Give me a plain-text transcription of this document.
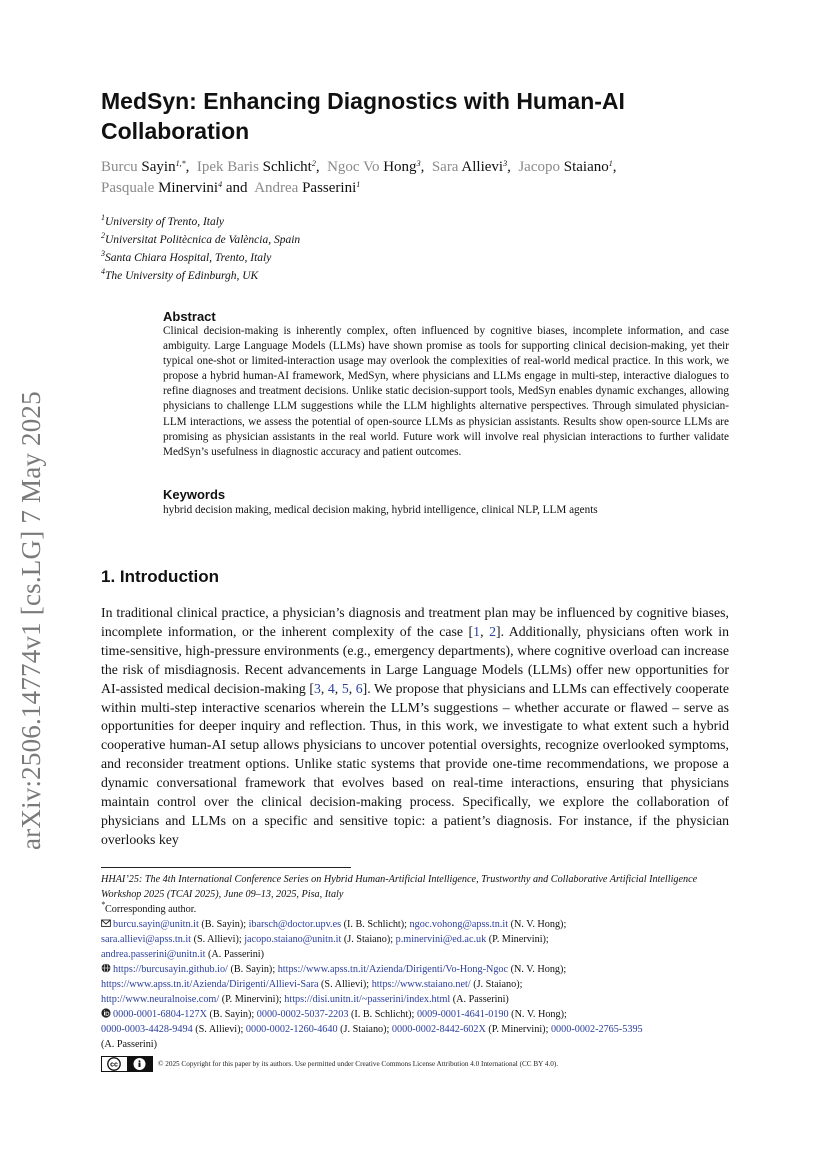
arXiv:2506.14774v1 [cs.LG] 7 May 2025
MedSyn: Enhancing Diagnostics with Human-AI
Collaboration
Burcu Sayin$^{1,*}$, Ipek Baris Schlicht$^2$, Ngoc Vo Hong$^3$, Sara Allievi$^3$, Jacopo Staiano$^1$,
Pasquale Minervini$^4$ and Andrea Passerini$^1$
$^1$University of Trento, Italy
$^2$Universitat Politècnica de València, Spain
$^3$Santa Chiara Hospital, Trento, Italy
$^4$The University of Edinburgh, UK
Abstract
Clinical decision-making is inherently complex, often influenced by cognitive biases, incomplete information, and case ambiguity. Large Language Models (LLMs) have shown promise as tools for supporting clinical decision-making, yet their typical one-shot or limited-interaction usage may overlook the complexities of real-world medical practice. In this work, we propose a hybrid human-AI framework, MedSyn, where physicians and LLMs engage in multi-step, interactive dialogues to refine diagnoses and treatment decisions. Unlike static decision-support tools, MedSyn enables dynamic exchanges, allowing physicians to challenge LLM suggestions while the LLM highlights alternative perspectives. Through simulated physician-LLM interactions, we assess the potential of open-source LLMs as physician assistants. Results show open-source LLMs are promising as physician assistants in the real world. Future work will involve real physician interactions to further validate MedSyn’s usefulness in diagnostic accuracy and patient outcomes.
Keywords
hybrid decision making, medical decision making, hybrid intelligence, clinical NLP, LLM agents
1. Introduction
In traditional clinical practice, a physician’s diagnosis and treatment plan may be influenced by cognitive biases, incomplete information, or the inherent complexity of the case [1, 2]. Additionally, physicians often work in time-sensitive, high-pressure environments (e.g., emergency departments), where cognitive overload can increase the risk of misdiagnosis. Recent advancements in Large Language Models (LLMs) offer new opportunities for AI-assisted medical decision-making [3, 4, 5, 6]. We propose that physicians and LLMs can effectively cooperate within multi-step interactive scenarios wherein the LLM’s suggestions – whether accurate or flawed – serve as opportunities for deeper inquiry and reflection. Thus, in this work, we investigate to what extent such a hybrid cooperative human-AI setup allows physicians to uncover potential oversights, recognize overlooked symptoms, and reconsider treatment options. Unlike static systems that provide one-time recommendations, we propose a dynamic conversational framework that evolves based on real-time interactions, ensuring that physicians maintain control over the clinical decision-making process. Specifically, we explore the collaboration of physicians and LLMs on a specific and sensitive topic: a patient’s diagnosis. For instance, if the physician overlooks key
HHAI’25: The 4th International Conference Series on Hybrid Human-Artificial Intelligence, Trustworthy and Collaborative Artificial Intelligence Workshop 2025 (TCAI 2025), June 09–13, 2025, Pisa, Italy
*Corresponding author.
burcu.sayin@unitn.it (B. Sayin); ibarsch@doctor.upv.es (I. B. Schlicht); ngoc.vohong@apss.tn.it (N. V. Hong);
sara.allievi@apss.tn.it (S. Allievi); jacopo.staiano@unitn.it (J. Staiano); p.minervini@ed.ac.uk (P. Minervini);
andrea.passerini@unitn.it (A. Passerini)
https://burcusayin.github.io/ (B. Sayin); https://www.apss.tn.it/Azienda/Dirigenti/Vo-Hong-Ngoc (N. V. Hong);
https://www.apss.tn.it/Azienda/Dirigenti/Allievi-Sara (S. Allievi); https://www.staiano.net/ (J. Staiano);
http://www.neuralnoise.com/ (P. Minervini); https://disi.unitn.it/~passerini/index.html (A. Passerini)
0000-0001-6804-127X (B. Sayin); 0000-0002-5037-2203 (I. B. Schlicht); 0009-0001-4641-0190 (N. V. Hong);
0000-0003-4428-9494 (S. Allievi); 0000-0002-1260-4640 (J. Staiano); 0000-0002-8442-602X (P. Minervini); 0000-0002-2765-5395
(A. Passerini)
cc	© 2025 Copyright for this paper by its authors. Use permitted under Creative Commons License Attribution 4.0 International (CC BY 4.0).
